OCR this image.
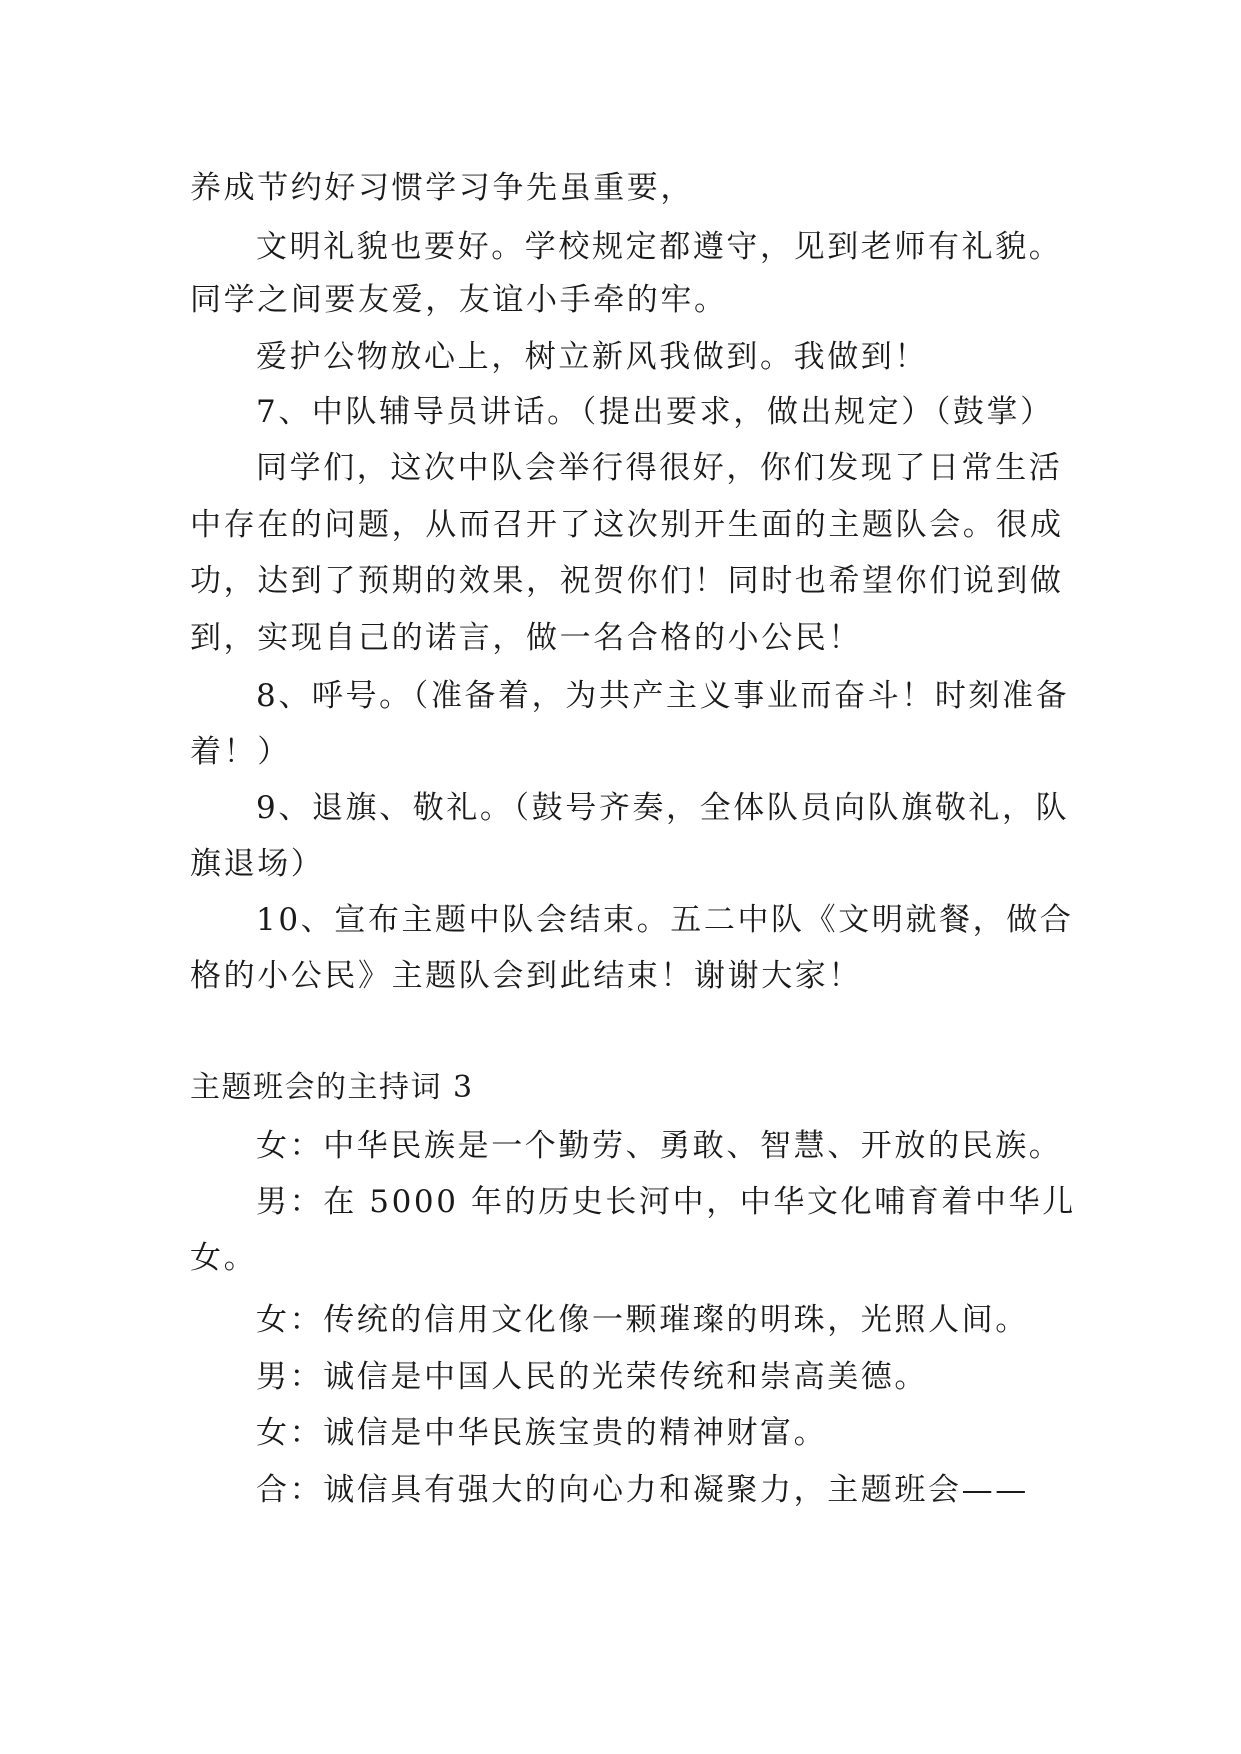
养成节约好习惯学习争先虽重要，
文明礼貌也要好。学校规定都遵守，见到老师有礼貌。
同学之间要友爱，友谊小手牵的牢。
爱护公物放心上，树立新风我做到。我做到！
7、中队辅导员讲话。（提出要求，做出规定）（鼓掌）
同学们，这次中队会举行得很好，你们发现了日常生活
中存在的问题，从而召开了这次别开生面的主题队会。很成
功，达到了预期的效果，祝贺你们！同时也希望你们说到做
到，实现自己的诺言，做一名合格的小公民！
8、呼号。（准备着，为共产主义事业而奋斗！时刻准备
着！）
9、退旗、敬礼。（鼓号齐奏，全体队员向队旗敬礼，队
旗退场）
10、宣布主题中队会结束。五二中队《文明就餐，做合
格的小公民》主题队会到此结束！谢谢大家！
主题班会的主持词 3
女：中华民族是一个勤劳、勇敢、智慧、开放的民族。
男：在 5000 年的历史长河中，中华文化哺育着中华儿
女。
女：传统的信用文化像一颗璀璨的明珠，光照人间。
男：诚信是中国人民的光荣传统和崇高美德。
女：诚信是中华民族宝贵的精神财富。
合：诚信具有强大的向心力和凝聚力，主题班会——
